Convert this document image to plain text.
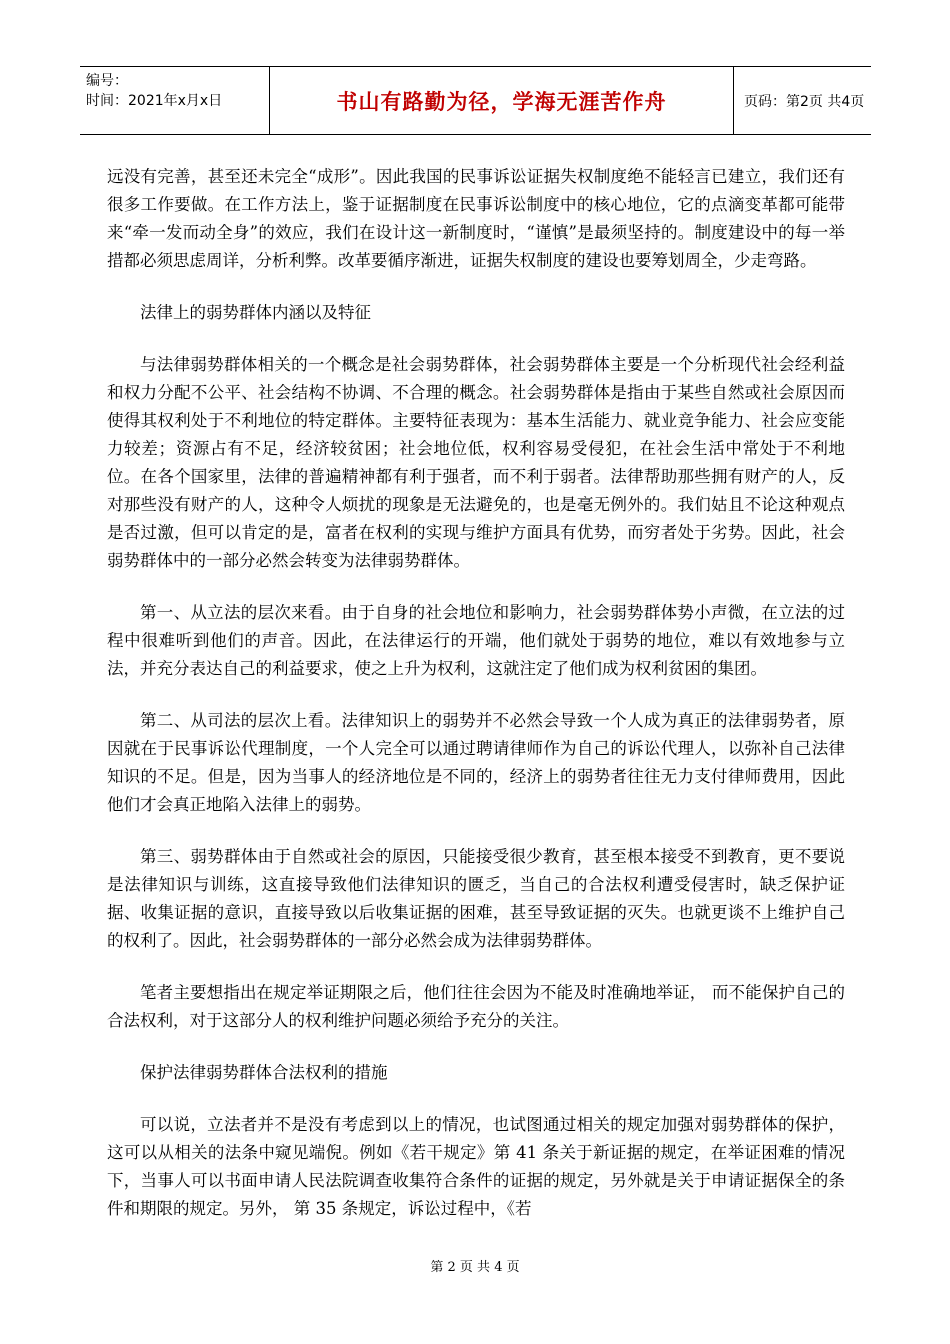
编号：
时间：2021年x月x日	书山有路勤为径，学海无涯苦作舟	页码：第2页 共4页

远没有完善，甚至还未完全“成形”。因此我国的民事诉讼证据失权制度绝不能轻言已建立，我们还有很多工作要做。在工作方法上，鉴于证据制度在民事诉讼制度中的核心地位，它的点滴变革都可能带来“牵一发而动全身”的效应，我们在设计这一新制度时，“谨慎”是最须坚持的。制度建设中的每一举措都必须思虑周详，分析利弊。改革要循序渐进，证据失权制度的建设也要筹划周全，少走弯路。

法律上的弱势群体内涵以及特征

与法律弱势群体相关的一个概念是社会弱势群体，社会弱势群体主要是一个分析现代社会经利益和权力分配不公平、社会结构不协调、不合理的概念。社会弱势群体是指由于某些自然或社会原因而使得其权利处于不利地位的特定群体。主要特征表现为：基本生活能力、就业竞争能力、社会应变能力较差；资源占有不足，经济较贫困；社会地位低，权利容易受侵犯，在社会生活中常处于不利地位。在各个国家里，法律的普遍精神都有利于强者，而不利于弱者。法律帮助那些拥有财产的人，反对那些没有财产的人，这种令人烦扰的现象是无法避免的，也是毫无例外的。我们姑且不论这种观点是否过激，但可以肯定的是，富者在权利的实现与维护方面具有优势，而穷者处于劣势。因此，社会弱势群体中的一部分必然会转变为法律弱势群体。

第一、从立法的层次来看。由于自身的社会地位和影响力，社会弱势群体势小声微，在立法的过程中很难听到他们的声音。因此，在法律运行的开端，他们就处于弱势的地位，难以有效地参与立法，并充分表达自己的利益要求，使之上升为权利，这就注定了他们成为权利贫困的集团。

第二、从司法的层次上看。法律知识上的弱势并不必然会导致一个人成为真正的法律弱势者，原因就在于民事诉讼代理制度，一个人完全可以通过聘请律师作为自己的诉讼代理人，以弥补自己法律知识的不足。但是，因为当事人的经济地位是不同的，经济上的弱势者往往无力支付律师费用，因此他们才会真正地陷入法律上的弱势。

第三、弱势群体由于自然或社会的原因，只能接受很少教育，甚至根本接受不到教育，更不要说是法律知识与训练，这直接导致他们法律知识的匮乏，当自己的合法权利遭受侵害时，缺乏保护证据、收集证据的意识，直接导致以后收集证据的困难，甚至导致证据的灭失。也就更谈不上维护自己的权利了。因此，社会弱势群体的一部分必然会成为法律弱势群体。

笔者主要想指出在规定举证期限之后，他们往往会因为不能及时准确地举证， 而不能保护自己的合法权利，对于这部分人的权利维护问题必须给予充分的关注。

保护法律弱势群体合法权利的措施

可以说，立法者并不是没有考虑到以上的情况，也试图通过相关的规定加强对弱势群体的保护，这可以从相关的法条中窥见端倪。例如《若干规定》第 41 条关于新证据的规定，在举证困难的情况下，当事人可以书面申请人民法院调查收集符合条件的证据的规定，另外就是关于申请证据保全的条件和期限的规定。另外， 第 35 条规定，诉讼过程中，《若

第 2 页 共 4 页
